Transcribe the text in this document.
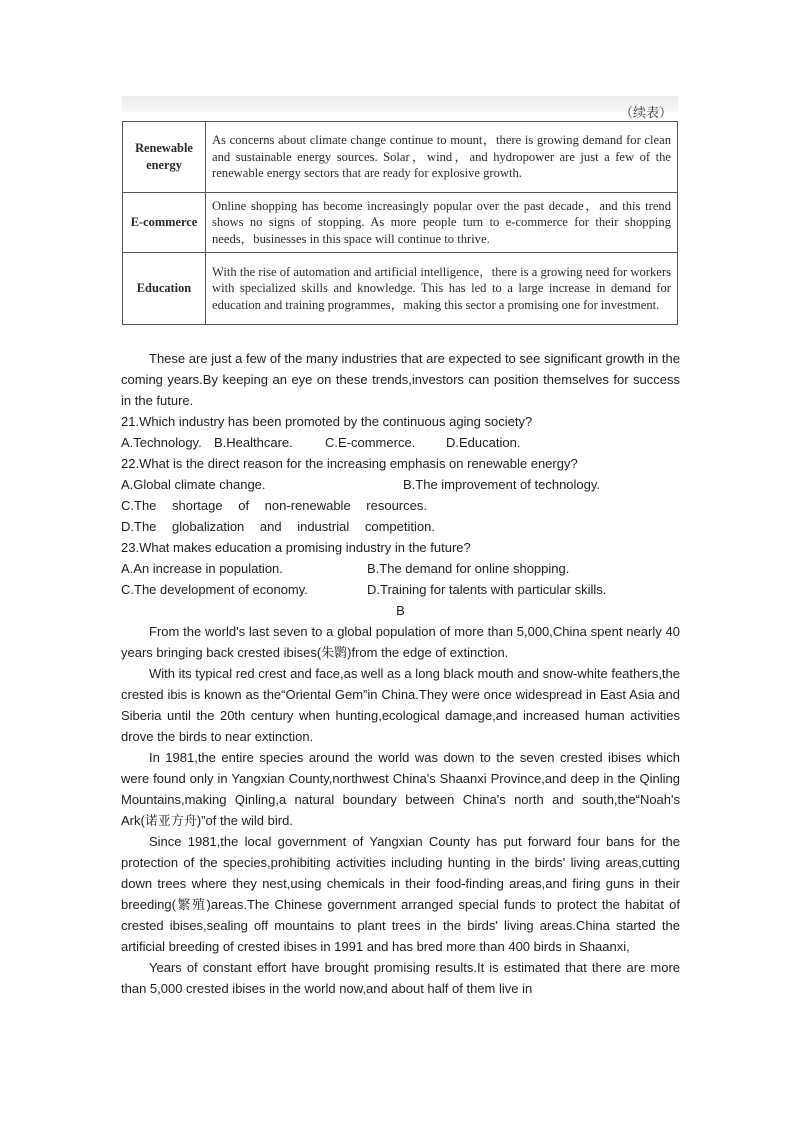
（续表）
Renewable energy	As concerns about climate change continue to mount，there is growing demand for clean and sustainable energy sources. Solar，wind，and hydropower are just a few of the renewable energy sectors that are ready for explosive growth.
E-commerce	Online shopping has become increasingly popular over the past decade，and this trend shows no signs of stopping. As more people turn to e-commerce for their shopping needs，businesses in this space will continue to thrive.
Education	With the rise of automation and artificial intelligence，there is a growing need for workers with specialized skills and knowledge. This has led to a large increase in demand for education and training programmes，making this sector a promising one for investment.

These are just a few of the many industries that are expected to see significant growth in the coming years.By keeping an eye on these trends,investors can position themselves for success in the future.

21.Which industry has been promoted by the continuous aging society?

A.Technology. B.Healthcare.	C.E-commerce.	D.Education.

22.What is the direct reason for the increasing emphasis on renewable energy?

A.Global climate change.	B.The improvement of technology.

C.The shortage of non-renewable resources.    D.The globalization and industrial competition.

23.What makes education a promising industry in the future?

A.An increase in population.	B.The demand for online shopping.
C.The development of economy.	D.Training for talents with particular skills.

B

From the world's last seven to a global population of more than 5,000,China spent nearly 40 years bringing back crested ibises(朱鹮)from the edge of extinction.

With its typical red crest and face,as well as a long black mouth and snow-white feathers,the crested ibis is known as the“Oriental Gem”in China.They were once widespread in East Asia and Siberia until the 20th century when hunting,ecological damage,and increased human activities drove the birds to near extinction.

In 1981,the entire species around the world was down to the seven crested ibises which were found only in Yangxian County,northwest China's Shaanxi Province,and deep in the Qinling Mountains,making Qinling,a natural boundary between China's north and south,the“Noah's Ark(诺亚方舟)”of the wild bird.

Since 1981,the local government of Yangxian County has put forward four bans for the protection of the species,prohibiting activities including hunting in the birds' living areas,cutting down trees where they nest,using chemicals in their food-finding areas,and firing guns in their breeding(繁殖)areas.The Chinese government arranged special funds to protect the habitat of crested ibises,sealing off mountains to plant trees in the birds' living areas.China started the artificial breeding of crested ibises in 1991 and has bred more than 400 birds in Shaanxi,

Years of constant effort have brought promising results.It is estimated that there are more than 5,000 crested ibises in the world now,and about half of them live in
